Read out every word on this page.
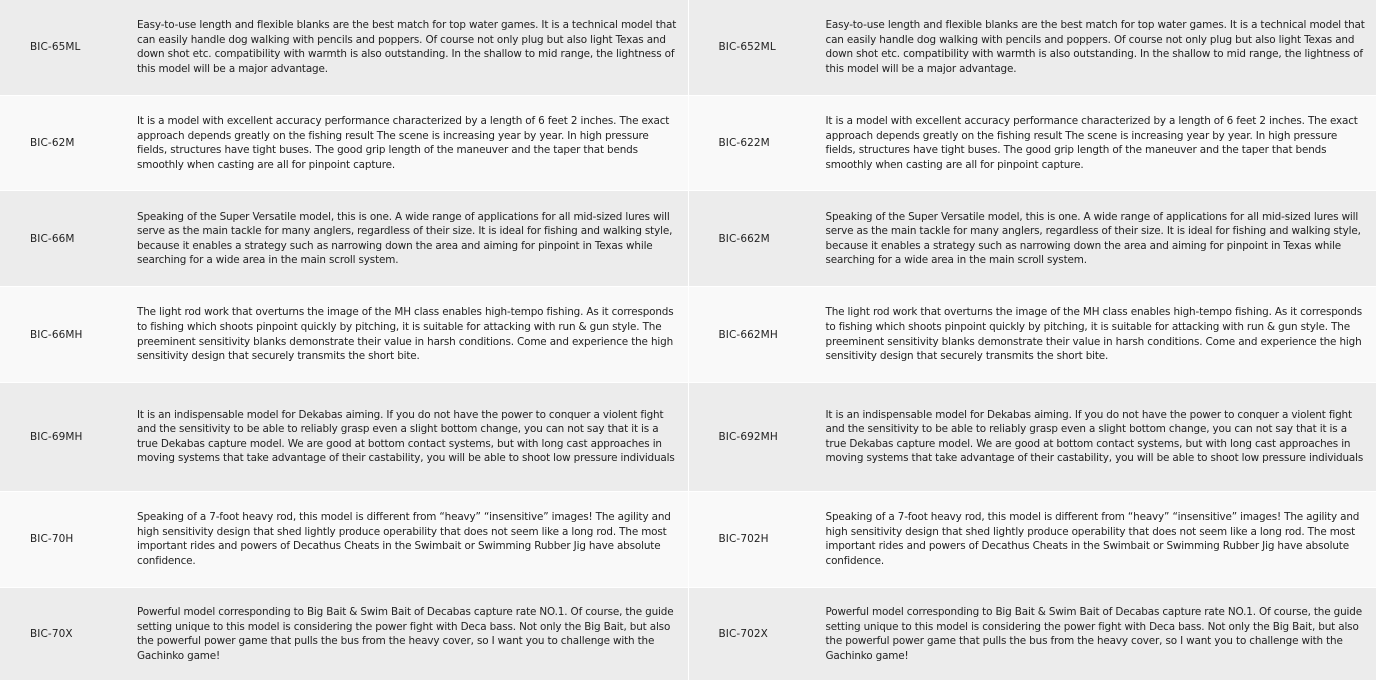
BIC-65ML
Easy-to-use length and flexible blanks are the best match for top water games. It is a technical model that can easily handle dog walking with pencils and poppers. Of course not only plug but also light Texas and down shot etc. compatibility with warmth is also outstanding. In the shallow to mid range, the lightness of this model will be a major advantage.
BIC-62M
It is a model with excellent accuracy performance characterized by a length of 6 feet 2 inches. The exact approach depends greatly on the fishing result The scene is increasing year by year. In high pressure fields, structures have tight buses. The good grip length of the maneuver and the taper that bends smoothly when casting are all for pinpoint capture.
BIC-66M
Speaking of the Super Versatile model, this is one. A wide range of applications for all mid-sized lures will serve as the main tackle for many anglers, regardless of their size. It is ideal for fishing and walking style, because it enables a strategy such as narrowing down the area and aiming for pinpoint in Texas while searching for a wide area in the main scroll system.
BIC-66MH
The light rod work that overturns the image of the MH class enables high-tempo fishing. As it corresponds to fishing which shoots pinpoint quickly by pitching, it is suitable for attacking with run & gun style. The preeminent sensitivity blanks demonstrate their value in harsh conditions. Come and experience the high sensitivity design that securely transmits the short bite.
BIC-69MH
It is an indispensable model for Dekabas aiming. If you do not have the power to conquer a violent fight and the sensitivity to be able to reliably grasp even a slight bottom change, you can not say that it is a true Dekabas capture model. We are good at bottom contact systems, but with long cast approaches in moving systems that take advantage of their castability, you will be able to shoot low pressure individuals
BIC-70H
Speaking of a 7-foot heavy rod, this model is different from “heavy” “insensitive” images! The agility and high sensitivity design that shed lightly produce operability that does not seem like a long rod. The most important rides and powers of Decathus Cheats in the Swimbait or Swimming Rubber Jig have absolute confidence.
BIC-70X
Powerful model corresponding to Big Bait & Swim Bait of Decabas capture rate NO.1. Of course, the guide setting unique to this model is considering the power fight with Deca bass. Not only the Big Bait, but also the powerful power game that pulls the bus from the heavy cover, so I want you to challenge with the Gachinko game!
BIC-652ML
Easy-to-use length and flexible blanks are the best match for top water games. It is a technical model that can easily handle dog walking with pencils and poppers. Of course not only plug but also light Texas and down shot etc. compatibility with warmth is also outstanding. In the shallow to mid range, the lightness of this model will be a major advantage.
BIC-622M
It is a model with excellent accuracy performance characterized by a length of 6 feet 2 inches. The exact approach depends greatly on the fishing result The scene is increasing year by year. In high pressure fields, structures have tight buses. The good grip length of the maneuver and the taper that bends smoothly when casting are all for pinpoint capture.
BIC-662M
Speaking of the Super Versatile model, this is one. A wide range of applications for all mid-sized lures will serve as the main tackle for many anglers, regardless of their size. It is ideal for fishing and walking style, because it enables a strategy such as narrowing down the area and aiming for pinpoint in Texas while searching for a wide area in the main scroll system.
BIC-662MH
The light rod work that overturns the image of the MH class enables high-tempo fishing. As it corresponds to fishing which shoots pinpoint quickly by pitching, it is suitable for attacking with run & gun style. The preeminent sensitivity blanks demonstrate their value in harsh conditions. Come and experience the high sensitivity design that securely transmits the short bite.
BIC-692MH
It is an indispensable model for Dekabas aiming. If you do not have the power to conquer a violent fight and the sensitivity to be able to reliably grasp even a slight bottom change, you can not say that it is a true Dekabas capture model. We are good at bottom contact systems, but with long cast approaches in moving systems that take advantage of their castability, you will be able to shoot low pressure individuals
BIC-702H
Speaking of a 7-foot heavy rod, this model is different from “heavy” “insensitive” images! The agility and high sensitivity design that shed lightly produce operability that does not seem like a long rod. The most important rides and powers of Decathus Cheats in the Swimbait or Swimming Rubber Jig have absolute confidence.
BIC-702X
Powerful model corresponding to Big Bait & Swim Bait of Decabas capture rate NO.1. Of course, the guide setting unique to this model is considering the power fight with Deca bass. Not only the Big Bait, but also the powerful power game that pulls the bus from the heavy cover, so I want you to challenge with the Gachinko game!
